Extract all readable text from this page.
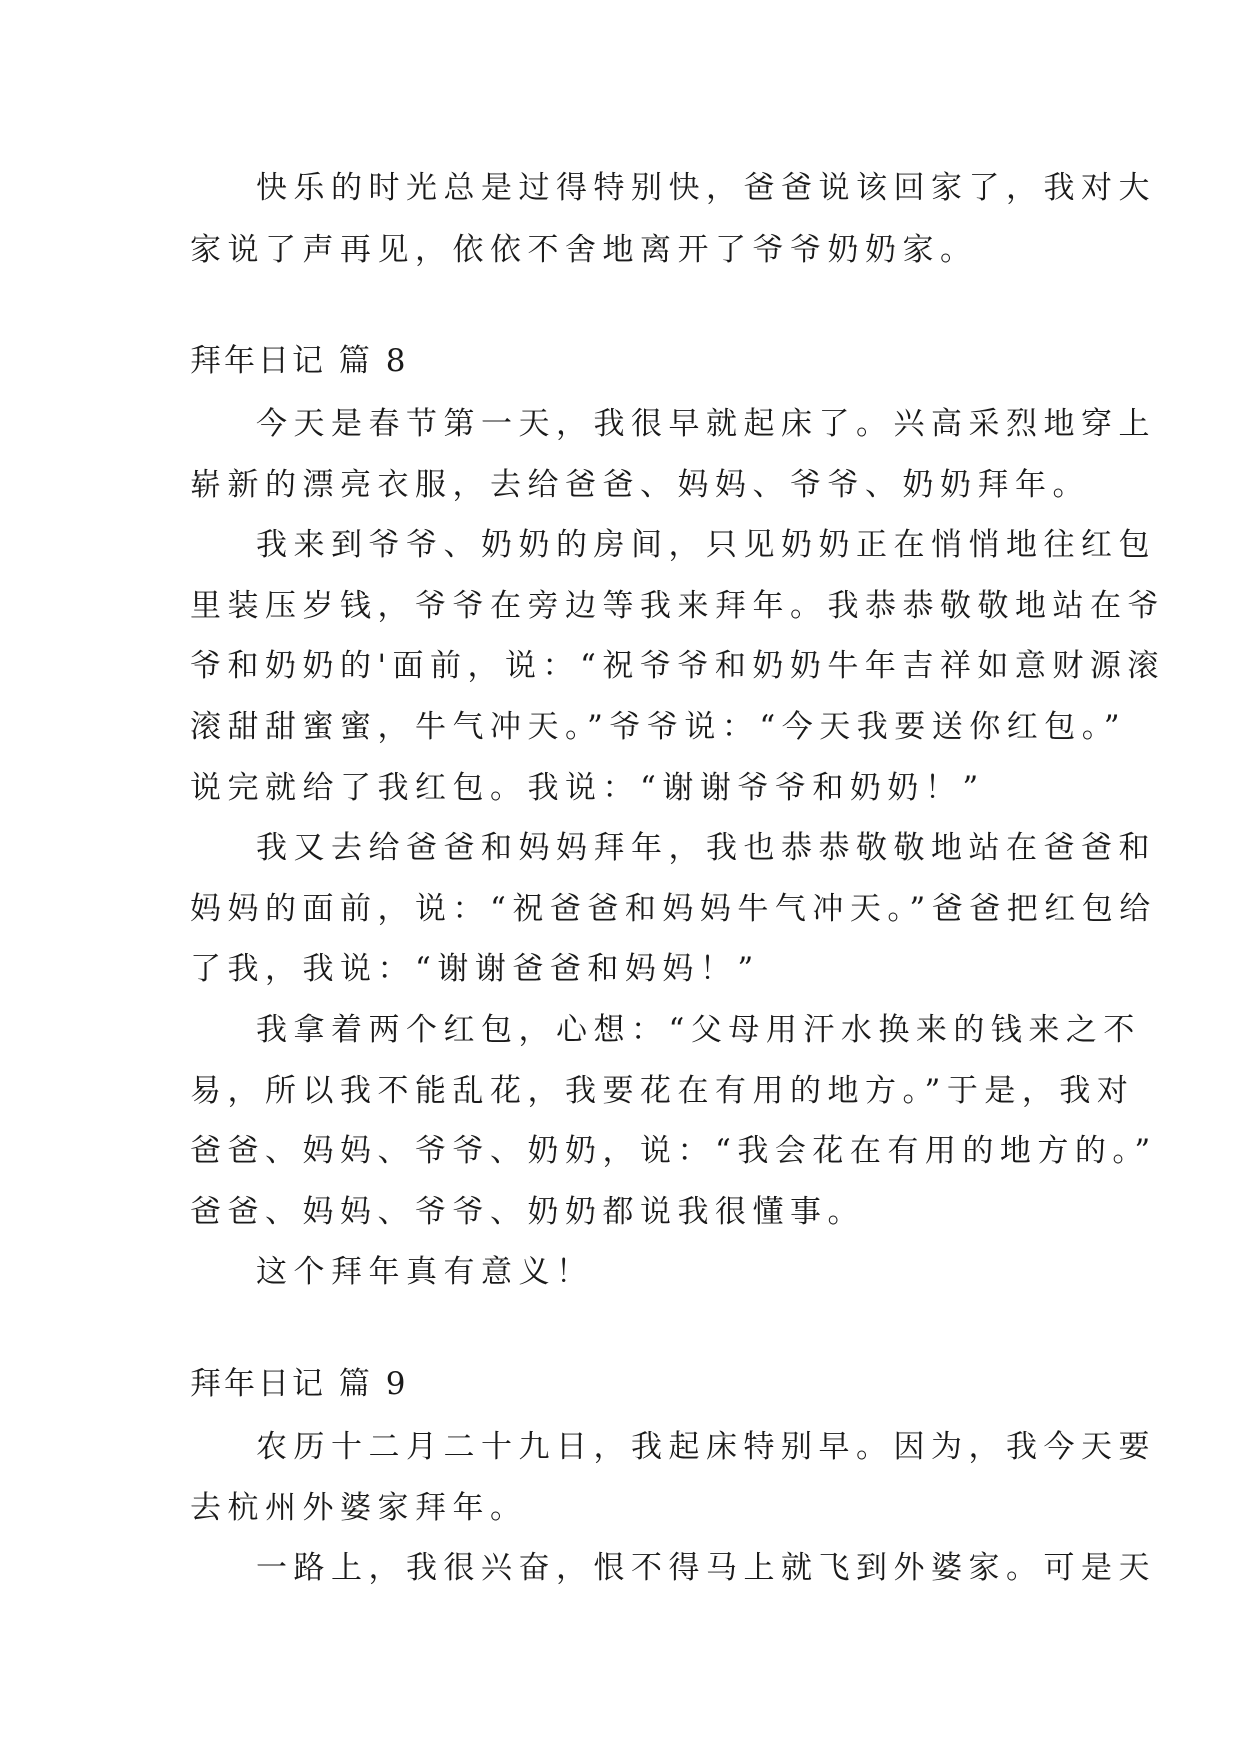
快乐的时光总是过得特别快，爸爸说该回家了，我对大
家说了声再见，依依不舍地离开了爷爷奶奶家。
拜年日记 篇 8
今天是春节第一天，我很早就起床了。兴高采烈地穿上
崭新的漂亮衣服，去给爸爸、妈妈、爷爷、奶奶拜年。
我来到爷爷、奶奶的房间，只见奶奶正在悄悄地往红包
里装压岁钱，爷爷在旁边等我来拜年。我恭恭敬敬地站在爷
爷和奶奶的'面前，说：“祝爷爷和奶奶牛年吉祥如意财源滚
滚甜甜蜜蜜，牛气冲天。”爷爷说：“今天我要送你红包。”
说完就给了我红包。我说：“谢谢爷爷和奶奶！”
我又去给爸爸和妈妈拜年，我也恭恭敬敬地站在爸爸和
妈妈的面前，说：“祝爸爸和妈妈牛气冲天。”爸爸把红包给
了我，我说：“谢谢爸爸和妈妈！”
我拿着两个红包，心想：“父母用汗水换来的钱来之不
易，所以我不能乱花，我要花在有用的地方。”于是，我对
爸爸、妈妈、爷爷、奶奶，说：“我会花在有用的地方的。”
爸爸、妈妈、爷爷、奶奶都说我很懂事。
这个拜年真有意义！
拜年日记 篇 9
农历十二月二十九日，我起床特别早。因为，我今天要
去杭州外婆家拜年。
一路上，我很兴奋，恨不得马上就飞到外婆家。可是天
